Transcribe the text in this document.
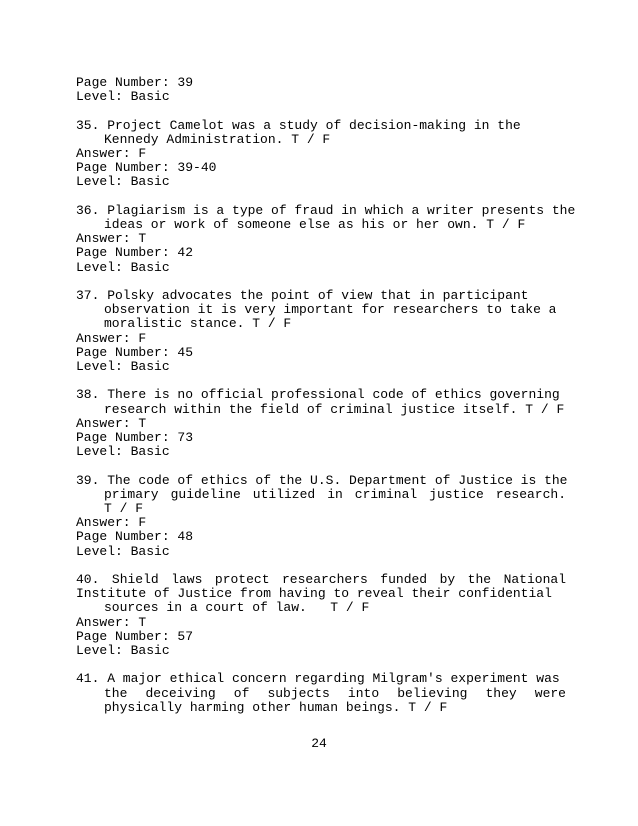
Page Number: 39
Level: Basic
35. Project Camelot was a study of decision-making in the
Kennedy Administration. T / F
Answer: F
Page Number: 39-40
Level: Basic
36. Plagiarism is a type of fraud in which a writer presents the
ideas or work of someone else as his or her own. T / F
Answer: T
Page Number: 42
Level: Basic
37. Polsky advocates the point of view that in participant
observation it is very important for researchers to take a
moralistic stance. T / F
Answer: F
Page Number: 45
Level: Basic
38. There is no official professional code of ethics governing
research within the field of criminal justice itself. T / F
Answer: T
Page Number: 73
Level: Basic
39. The code of ethics of the U.S. Department of Justice is the
primary guideline utilized in criminal justice research.
T / F
Answer: F
Page Number: 48
Level: Basic
40. Shield laws protect researchers funded by the National
Institute of Justice from having to reveal their confidential
sources in a court of law.   T / F
Answer: T
Page Number: 57
Level: Basic
41. A major ethical concern regarding Milgram's experiment was
the deceiving of subjects into believing they were
physically harming other human beings. T / F
24
